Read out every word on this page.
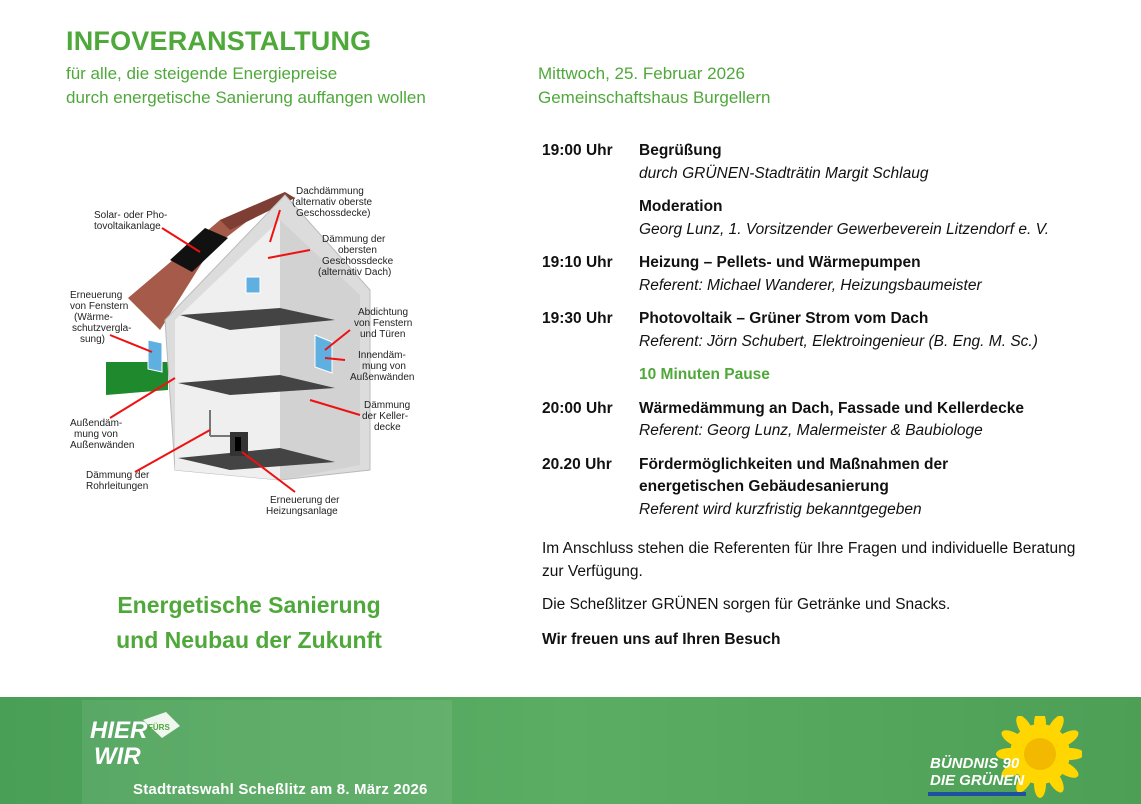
INFOVERANSTALTUNG
für alle, die steigende Energiepreise
durch energetische Sanierung auffangen wollen
Mittwoch, 25. Februar 2026
Gemeinschaftshaus Burgellern
Solar- oder Pho-tovoltaikanlage
Dachdämmung (alternativ oberste Geschossdecke)
Dämmung der obersten Geschossdecke (alternativ Dach)
Erneuerung von Fenstern (Wärme-schutzvergla-sung)
Abdichtung von Fenstern und Türen
Innendäm-mung von Außenwänden
Dämmung der Keller-decke
Außendäm-mung von Außenwänden
Dämmung der Rohrleitungen
Erneuerung der Heizungsanlage
19:00 Uhr	Begrüßung
durch GRÜNEN-Stadträtin Margit Schlaug
Moderation
Georg Lunz, 1. Vorsitzender Gewerbeverein Litzendorf e. V.
19:10 Uhr	Heizung – Pellets- und Wärmepumpen
Referent: Michael Wanderer, Heizungsbaumeister
19:30 Uhr	Photovoltaik – Grüner Strom vom Dach
Referent: Jörn Schubert, Elektroingenieur (B. Eng. M. Sc.)
10 Minuten Pause
20:00 Uhr	Wärmedämmung an Dach, Fassade und Kellerdecke
Referent: Georg Lunz, Malermeister & Baubiologe
20.20 Uhr	Fördermöglichkeiten und Maßnahmen der energetischen Gebäudesanierung
Referent wird kurzfristig bekanntgegeben
Im Anschluss stehen die Referenten für Ihre Fragen und individuelle Beratung zur Verfügung.
Die Scheßlitzer GRÜNEN sorgen für Getränke und Snacks.
Wir freuen uns auf Ihren Besuch
Energetische Sanierung
und Neubau der Zukunft
HIER FÜRS
WIR
Stadtratswahl Scheßlitz am 8. März 2026
BÜNDNIS 90
DIE GRÜNEN
